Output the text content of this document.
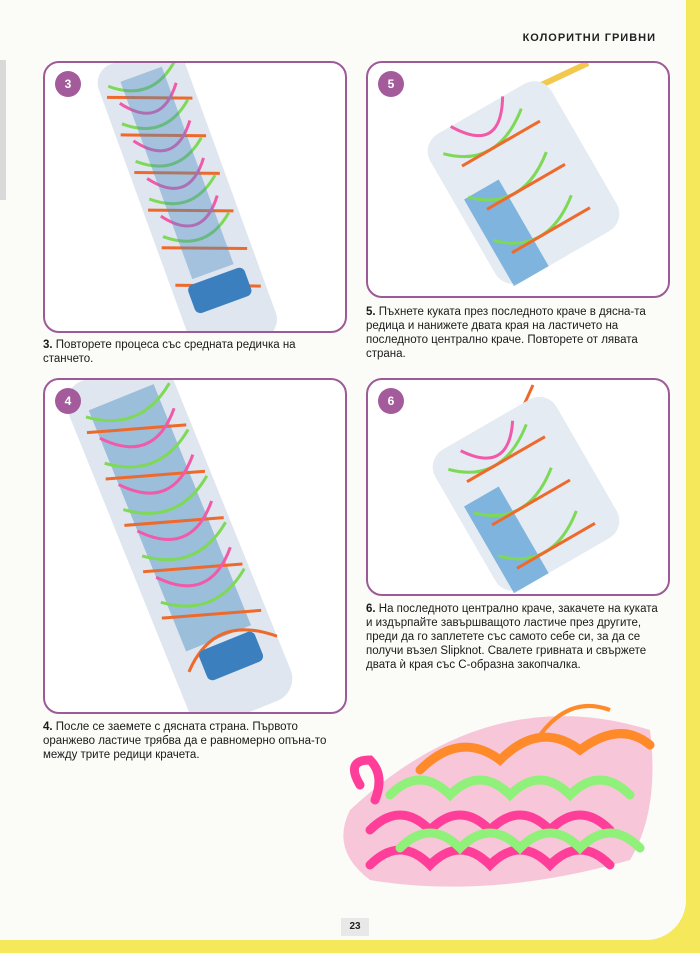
КОЛОРИТНИ ГРИВНИ
3
3. Повторете процеса със средната редичка на станчето.
4
4. После се заемете с дясната страна. Първото оранжево ластиче трябва да е равномерно опъна-то между трите редици крачета.
5
5. Пъхнете куката през последното краче в дясна-та редица и нанижете двата края на ластичето на последното централно краче. Повторете от лявата страна.
6
6. На последното централно краче, закачете на куката и издърпайте завършващото ластиче през другите, преди да го заплетете със самото себе си, за да се получи възел Slipknot. Свалете гривната и свържете двата ѝ края със С-образна закопчалка.
23
